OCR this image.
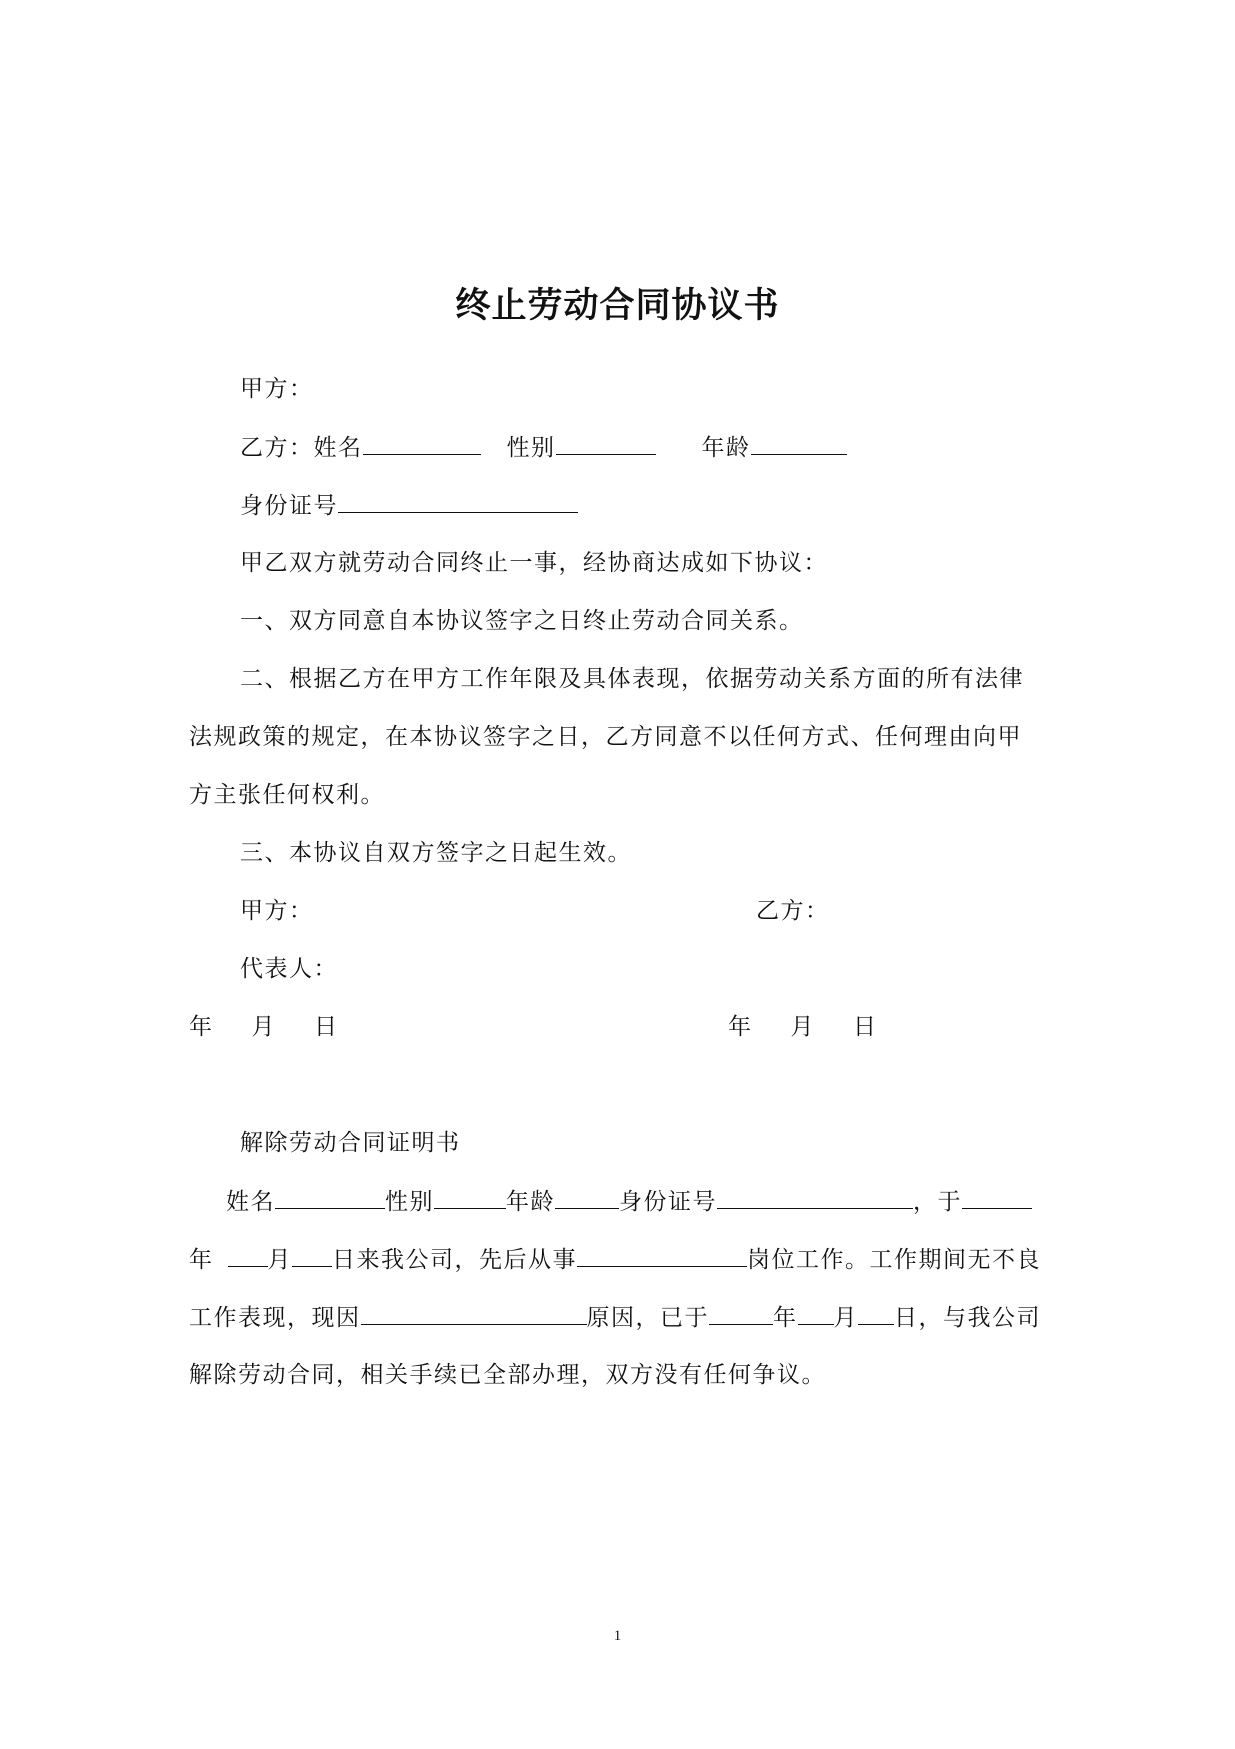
终止劳动合同协议书
甲方：
乙方：姓名	性别	年龄
身份证号
甲乙双方就劳动合同终止一事，经协商达成如下协议：
一、双方同意自本协议签字之日终止劳动合同关系。
二、根据乙方在甲方工作年限及具体表现，依据劳动关系方面的所有法律
法规政策的规定，在本协议签字之日，乙方同意不以任何方式、任何理由向甲
方主张任何权利。
三、本协议自双方签字之日起生效。
甲方：	乙方：
代表人：
年 月 日	年 月 日
解除劳动合同证明书
姓名	性别	年龄	身份证号	，于
年 月 日来我公司，先后从事	岗位工作。工作期间无不良
工作表现，现因	原因，已于	年 月 日，与我公司
解除劳动合同，相关手续已全部办理，双方没有任何争议。
1
